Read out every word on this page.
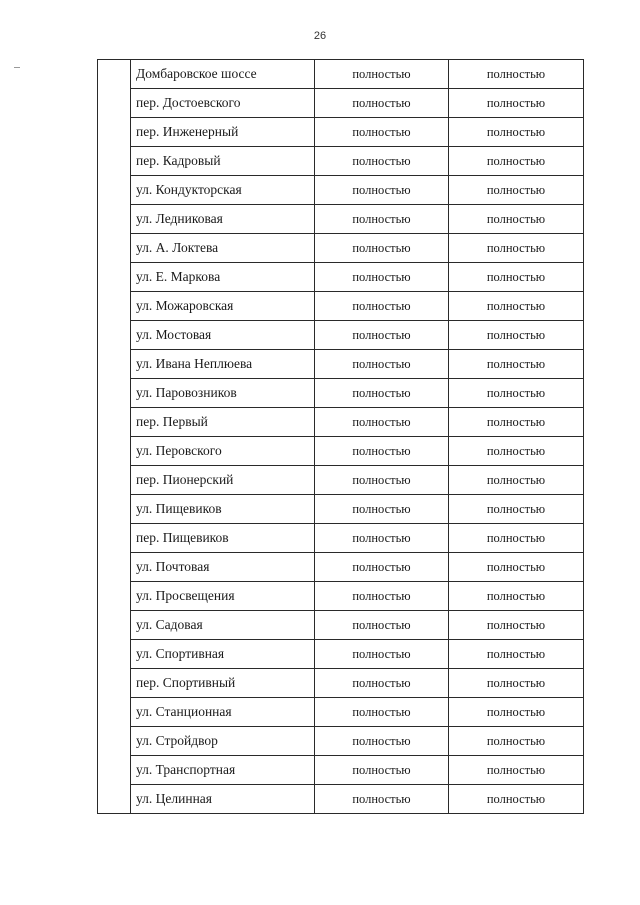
26
	Домбаровское шоссе	полностью	полностью
	пер. Достоевского	полностью	полностью
	пер. Инженерный	полностью	полностью
	пер. Кадровый	полностью	полностью
	ул. Кондукторская	полностью	полностью
	ул. Ледниковая	полностью	полностью
	ул. А. Локтева	полностью	полностью
	ул. Е. Маркова	полностью	полностью
	ул. Можаровская	полностью	полностью
	ул. Мостовая	полностью	полностью
	ул. Ивана Неплюева	полностью	полностью
	ул. Паровозников	полностью	полностью
	пер. Первый	полностью	полностью
	ул. Перовского	полностью	полностью
	пер. Пионерский	полностью	полностью
	ул. Пищевиков	полностью	полностью
	пер. Пищевиков	полностью	полностью
	ул. Почтовая	полностью	полностью
	ул. Просвещения	полностью	полностью
	ул. Садовая	полностью	полностью
	ул. Спортивная	полностью	полностью
	пер. Спортивный	полностью	полностью
	ул. Станционная	полностью	полностью
	ул. Стройдвор	полностью	полностью
	ул. Транспортная	полностью	полностью
	ул. Целинная	полностью	полностью
